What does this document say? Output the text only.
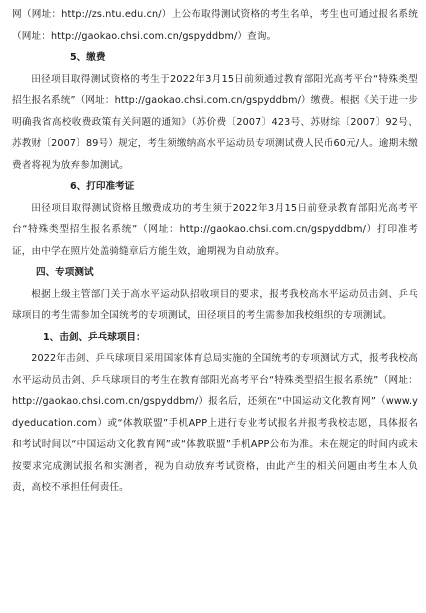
网（网址：http://zs.ntu.edu.cn/）上公布取得测试资格的考生名单，考生也可通过报名系统（网址：http://gaokao.chsi.com.cn/gspyddbm/）查询。

5、缴费

田径项目取得测试资格的考生于2022年3月15日前须通过教育部阳光高考平台“特殊类型招生报名系统”（网址：http://gaokao.chsi.com.cn/gspyddbm/）缴费。根据《关于进一步明确我省高校收费政策有关问题的通知》（苏价费〔2007〕423号、苏财综〔2007〕92号、苏教财〔2007〕89号）规定，考生须缴纳高水平运动员专项测试费人民币60元/人。逾期未缴费者将视为放弃参加测试。

6、打印准考证

田径项目取得测试资格且缴费成功的考生须于2022年3月15日前登录教育部阳光高考平台“特殊类型招生报名系统”（网址：http://gaokao.chsi.com.cn/gspyddbm/）打印准考证，由中学在照片处盖骑缝章后方能生效，逾期视为自动放弃。

四、专项测试

根据上级主管部门关于高水平运动队招收项目的要求，报考我校高水平运动员击剑、乒乓球项目的考生需参加全国统考的专项测试，田径项目的考生需参加我校组织的专项测试。

1、击剑、乒乓球项目：

2022年击剑、乒乓球项目采用国家体育总局实施的全国统考的专项测试方式，报考我校高水平运动员击剑、乒乓球项目的考生在教育部阳光高考平台“特殊类型招生报名系统”（网址：http://gaokao.chsi.com.cn/gspyddbm/）报名后，还须在“中国运动文化教育网”（www.ydyeducation.com）或“体教联盟”手机APP上进行专业考试报名并报考我校志愿，具体报名和考试时间以“中国运动文化教育网”或“体教联盟”手机APP公布为准。未在规定的时间内或未按要求完成测试报名和实测者，视为自动放弃考试资格，由此产生的相关问题由考生本人负责，高校不承担任何责任。
